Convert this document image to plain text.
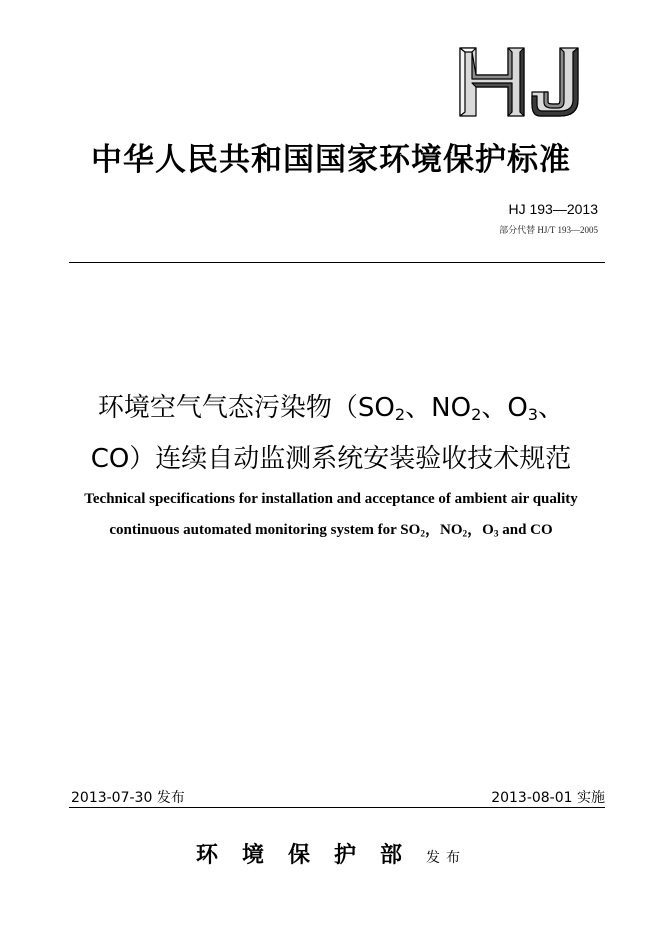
中华人民共和国国家环境保护标准
HJ 193—2013
部分代替 HJ/T 193—2005
环境空气气态污染物（$SO_2$、$NO_2$、$O_3$、
CO）连续自动监测系统安装验收技术规范
Technical specifications for installation and acceptance of ambient air quality
continuous automated monitoring system for $SO_2$，$NO_2$，$O_3$ and CO
2013-07-30 发布	2013-08-01 实施
环境保护部发布
